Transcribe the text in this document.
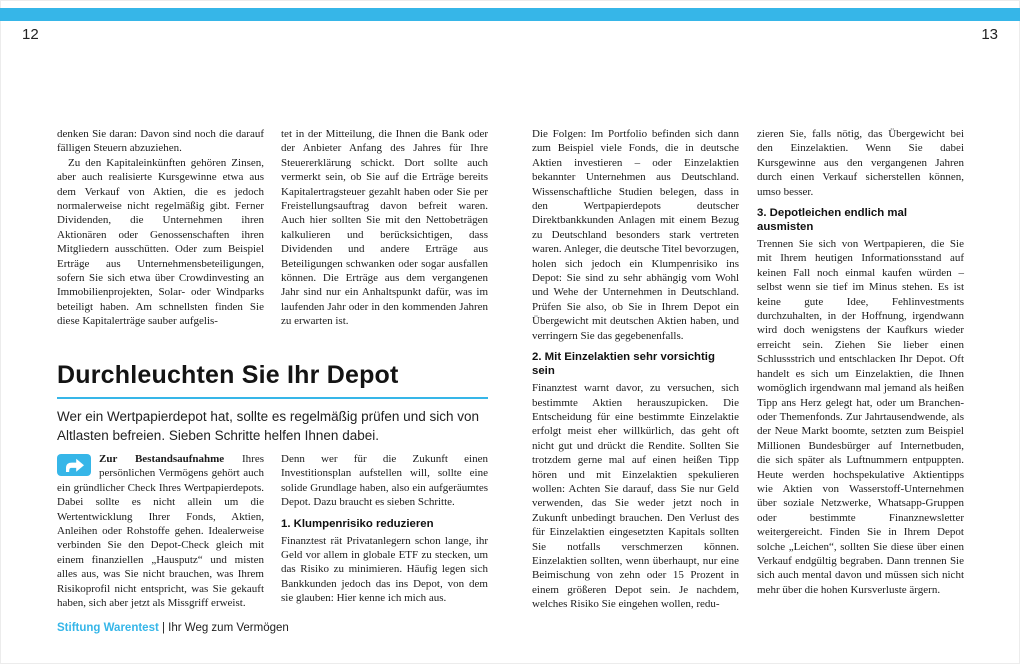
12	13

denken Sie daran: Davon sind noch die darauf fälligen Steuern abzuziehen.

Zu den Kapitaleinkünften gehören Zinsen, aber auch realisierte Kursgewinne etwa aus dem Verkauf von Aktien, die es jedoch normalerweise nicht regelmäßig gibt. Ferner Dividenden, die Unternehmen ihren Aktionären oder Genossenschaften ihren Mitgliedern ausschütten. Oder zum Beispiel Erträge aus Unternehmensbeteiligungen, sofern Sie sich etwa über Crowdinvesting an Immobilienprojekten, Solar- oder Windparks beteiligt haben. Am schnellsten finden Sie diese Kapitalerträge sauber aufgelis-

tet in der Mitteilung, die Ihnen die Bank oder der Anbieter Anfang des Jahres für Ihre Steuererklärung schickt. Dort sollte auch vermerkt sein, ob Sie auf die Erträge bereits Kapitalertragsteuer gezahlt haben oder Sie per Freistellungsauftrag davon befreit waren. Auch hier sollten Sie mit den Nettobeträgen kalkulieren und berücksichtigen, dass Dividenden und andere Erträge aus Beteiligungen schwanken oder sogar ausfallen können. Die Erträge aus dem vergangenen Jahr sind nur ein Anhaltspunkt dafür, was im laufenden Jahr oder in den kommenden Jahren zu erwarten ist.

Durchleuchten Sie Ihr Depot

Wer ein Wertpapierdepot hat, sollte es regelmäßig prüfen und sich von Altlasten befreien. Sieben Schritte helfen Ihnen dabei.

Zur Bestandsaufnahme Ihres persönlichen Vermögens gehört auch ein gründlicher Check Ihres Wertpapierdepots. Dabei sollte es nicht allein um die Wertentwicklung Ihrer Fonds, Aktien, Anleihen oder Rohstoffe gehen. Idealerweise verbinden Sie den Depot-Check gleich mit einem finanziellen „Hausputz“ und misten alles aus, was Sie nicht brauchen, was Ihrem Risikoprofil nicht entspricht, was Sie gekauft haben, sich aber jetzt als Missgriff erweist.

Denn wer für die Zukunft einen Investitionsplan aufstellen will, sollte eine solide Grundlage haben, also ein aufgeräumtes Depot. Dazu braucht es sieben Schritte.

1. Klumpenrisiko reduzieren

Finanztest rät Privatanlegern schon lange, ihr Geld vor allem in globale ETF zu stecken, um das Risiko zu minimieren. Häufig legen sich Bankkunden jedoch das ins Depot, von dem sie glauben: Hier kenne ich mich aus.

Die Folgen: Im Portfolio befinden sich dann zum Beispiel viele Fonds, die in deutsche Aktien investieren – oder Einzelaktien bekannter Unternehmen aus Deutschland. Wissenschaftliche Studien belegen, dass in den Wertpapierdepots deutscher Direktbankkunden Anlagen mit einem Bezug zu Deutschland besonders stark vertreten waren. Anleger, die deutsche Titel bevorzugen, holen sich jedoch ein Klumpenrisiko ins Depot: Sie sind zu sehr abhängig vom Wohl und Wehe der Unternehmen in Deutschland. Prüfen Sie also, ob Sie in Ihrem Depot ein Übergewicht mit deutschen Aktien haben, und verringern Sie das gegebenenfalls.

2. Mit Einzelaktien sehr vorsichtig sein

Finanztest warnt davor, zu versuchen, sich bestimmte Aktien herauszupicken. Die Entscheidung für eine bestimmte Einzelaktie erfolgt meist eher willkürlich, das geht oft nicht gut und drückt die Rendite. Sollten Sie trotzdem gerne mal auf einen heißen Tipp hören und mit Einzelaktien spekulieren wollen: Achten Sie darauf, dass Sie nur Geld verwenden, das Sie weder jetzt noch in Zukunft unbedingt brauchen. Den Verlust des für Einzelaktien eingesetzten Kapitals sollten Sie notfalls verschmerzen können. Einzelaktien sollten, wenn überhaupt, nur eine Beimischung von zehn oder 15 Prozent in einem größeren Depot sein. Je nachdem, welches Risiko Sie eingehen wollen, redu-

zieren Sie, falls nötig, das Übergewicht bei den Einzelaktien. Wenn Sie dabei Kursgewinne aus den vergangenen Jahren durch einen Verkauf sicherstellen können, umso besser.

3. Depotleichen endlich mal ausmisten

Trennen Sie sich von Wertpapieren, die Sie mit Ihrem heutigen Informationsstand auf keinen Fall noch einmal kaufen würden – selbst wenn sie tief im Minus stehen. Es ist keine gute Idee, Fehlinvestments durchzuhalten, in der Hoffnung, irgendwann wird doch wenigstens der Kaufkurs wieder erreicht sein. Ziehen Sie lieber einen Schlussstrich und entschlacken Ihr Depot. Oft handelt es sich um Einzelaktien, die Ihnen womöglich irgendwann mal jemand als heißen Tipp ans Herz gelegt hat, oder um Branchen- oder Themenfonds. Zur Jahrtausendwende, als der Neue Markt boomte, setzten zum Beispiel Millionen Bundesbürger auf Internetbuden, die sich später als Luftnummern entpuppten. Heute werden hochspekulative Aktientipps wie Aktien von Wasserstoff-Unternehmen über soziale Netzwerke, Whatsapp-Gruppen oder bestimmte Finanznewsletter weitergereicht. Finden Sie in Ihrem Depot solche „Leichen“, sollten Sie diese über einen Verkauf endgültig begraben. Dann trennen Sie sich auch mental davon und müssen sich nicht mehr über die hohen Kursverluste ärgern.

Stiftung Warentest | Ihr Weg zum Vermögen
